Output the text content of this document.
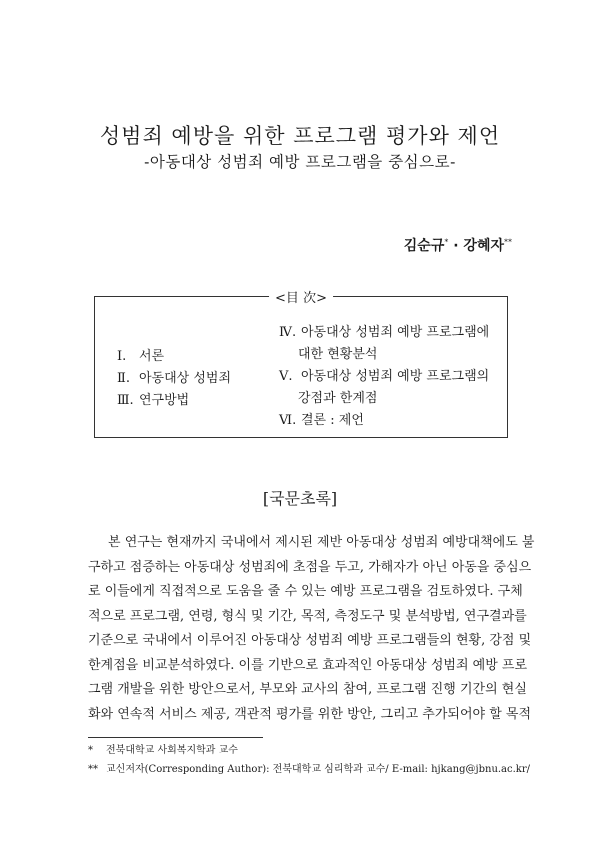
성범죄 예방을 위한 프로그램 평가와 제언
-아동대상 성범죄 예방 프로그램을 중심으로-
김순규* · 강혜자**
<目 次>
Ⅰ. 서론
Ⅱ. 아동대상 성범죄
Ⅲ. 연구방법
Ⅳ. 아동대상 성범죄 예방 프로그램에
대한 현황분석
Ⅴ. 아동대상 성범죄 예방 프로그램의
강점과 한계점
Ⅵ. 결론 : 제언
[국문초록]
본 연구는 현재까지 국내에서 제시된 제반 아동대상 성범죄 예방대책에도 불
구하고 점증하는 아동대상 성범죄에 초점을 두고, 가해자가 아닌 아동을 중심으
로 이들에게 직접적으로 도움을 줄 수 있는 예방 프로그램을 검토하였다. 구체
적으로 프로그램, 연령, 형식 및 기간, 목적, 측정도구 및 분석방법, 연구결과를
기준으로 국내에서 이루어진 아동대상 성범죄 예방 프로그램들의 현황, 강점 및
한계점을 비교분석하였다. 이를 기반으로 효과적인 아동대상 성범죄 예방 프로
그램 개발을 위한 방안으로서, 부모와 교사의 참여, 프로그램 진행 기간의 현실
화와 연속적 서비스 제공, 객관적 평가를 위한 방안, 그리고 추가되어야 할 목적
* 전북대학교 사회복지학과 교수
** 교신저자(Corresponding Author): 전북대학교 심리학과 교수/ E-mail: hjkang@jbnu.ac.kr/
